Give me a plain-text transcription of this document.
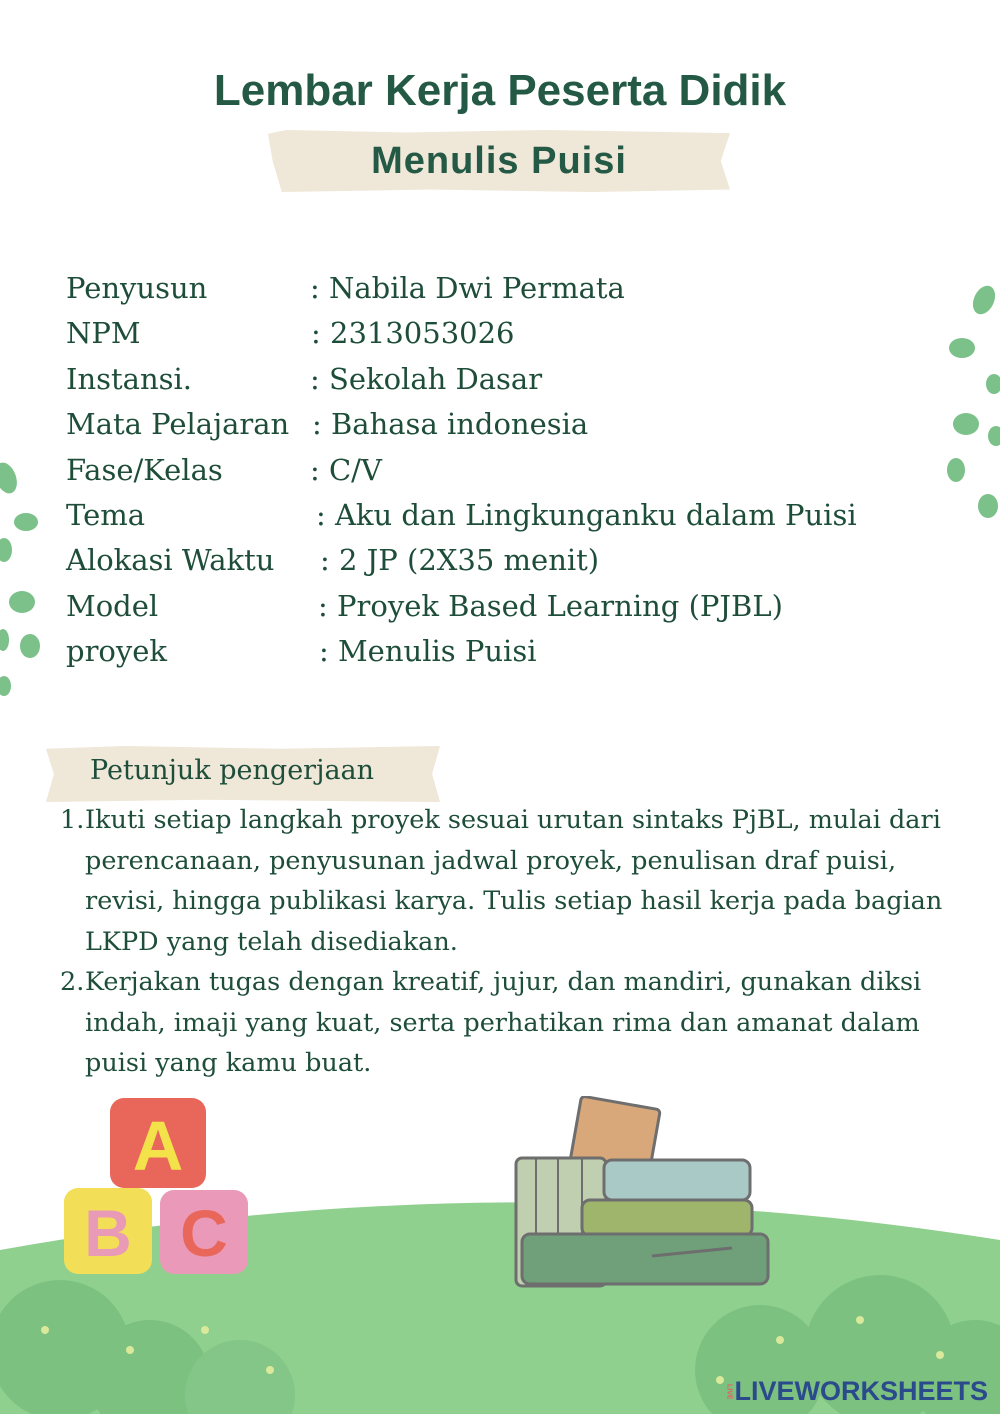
Lembar Kerja Peserta Didik
Menulis Puisi
Penyusun	: Nabila Dwi Permata
NPM	: 2313053026
Instansi.	: Sekolah Dasar
Mata Pelajaran : Bahasa indonesia
Fase/Kelas	: C/V
Tema	: Aku dan Lingkunganku dalam Puisi
Alokasi Waktu : 2 JP (2X35 menit)
Model	: Proyek Based Learning (PJBL)
proyek	: Menulis Puisi
Petunjuk pengerjaan
1. Ikuti setiap langkah proyek sesuai urutan sintaks PjBL, mulai dari perencanaan, penyusunan jadwal proyek, penulisan draf puisi, revisi, hingga publikasi karya. Tulis setiap hasil kerja pada bagian LKPD yang telah disediakan.
2. Kerjakan tugas dengan kreatif, jujur, dan mandiri, gunakan diksi indah, imaji yang kuat, serta perhatikan rima dan amanat dalam puisi yang kamu buat.
A
B C
LIVE LIVEWORKSHEETS
